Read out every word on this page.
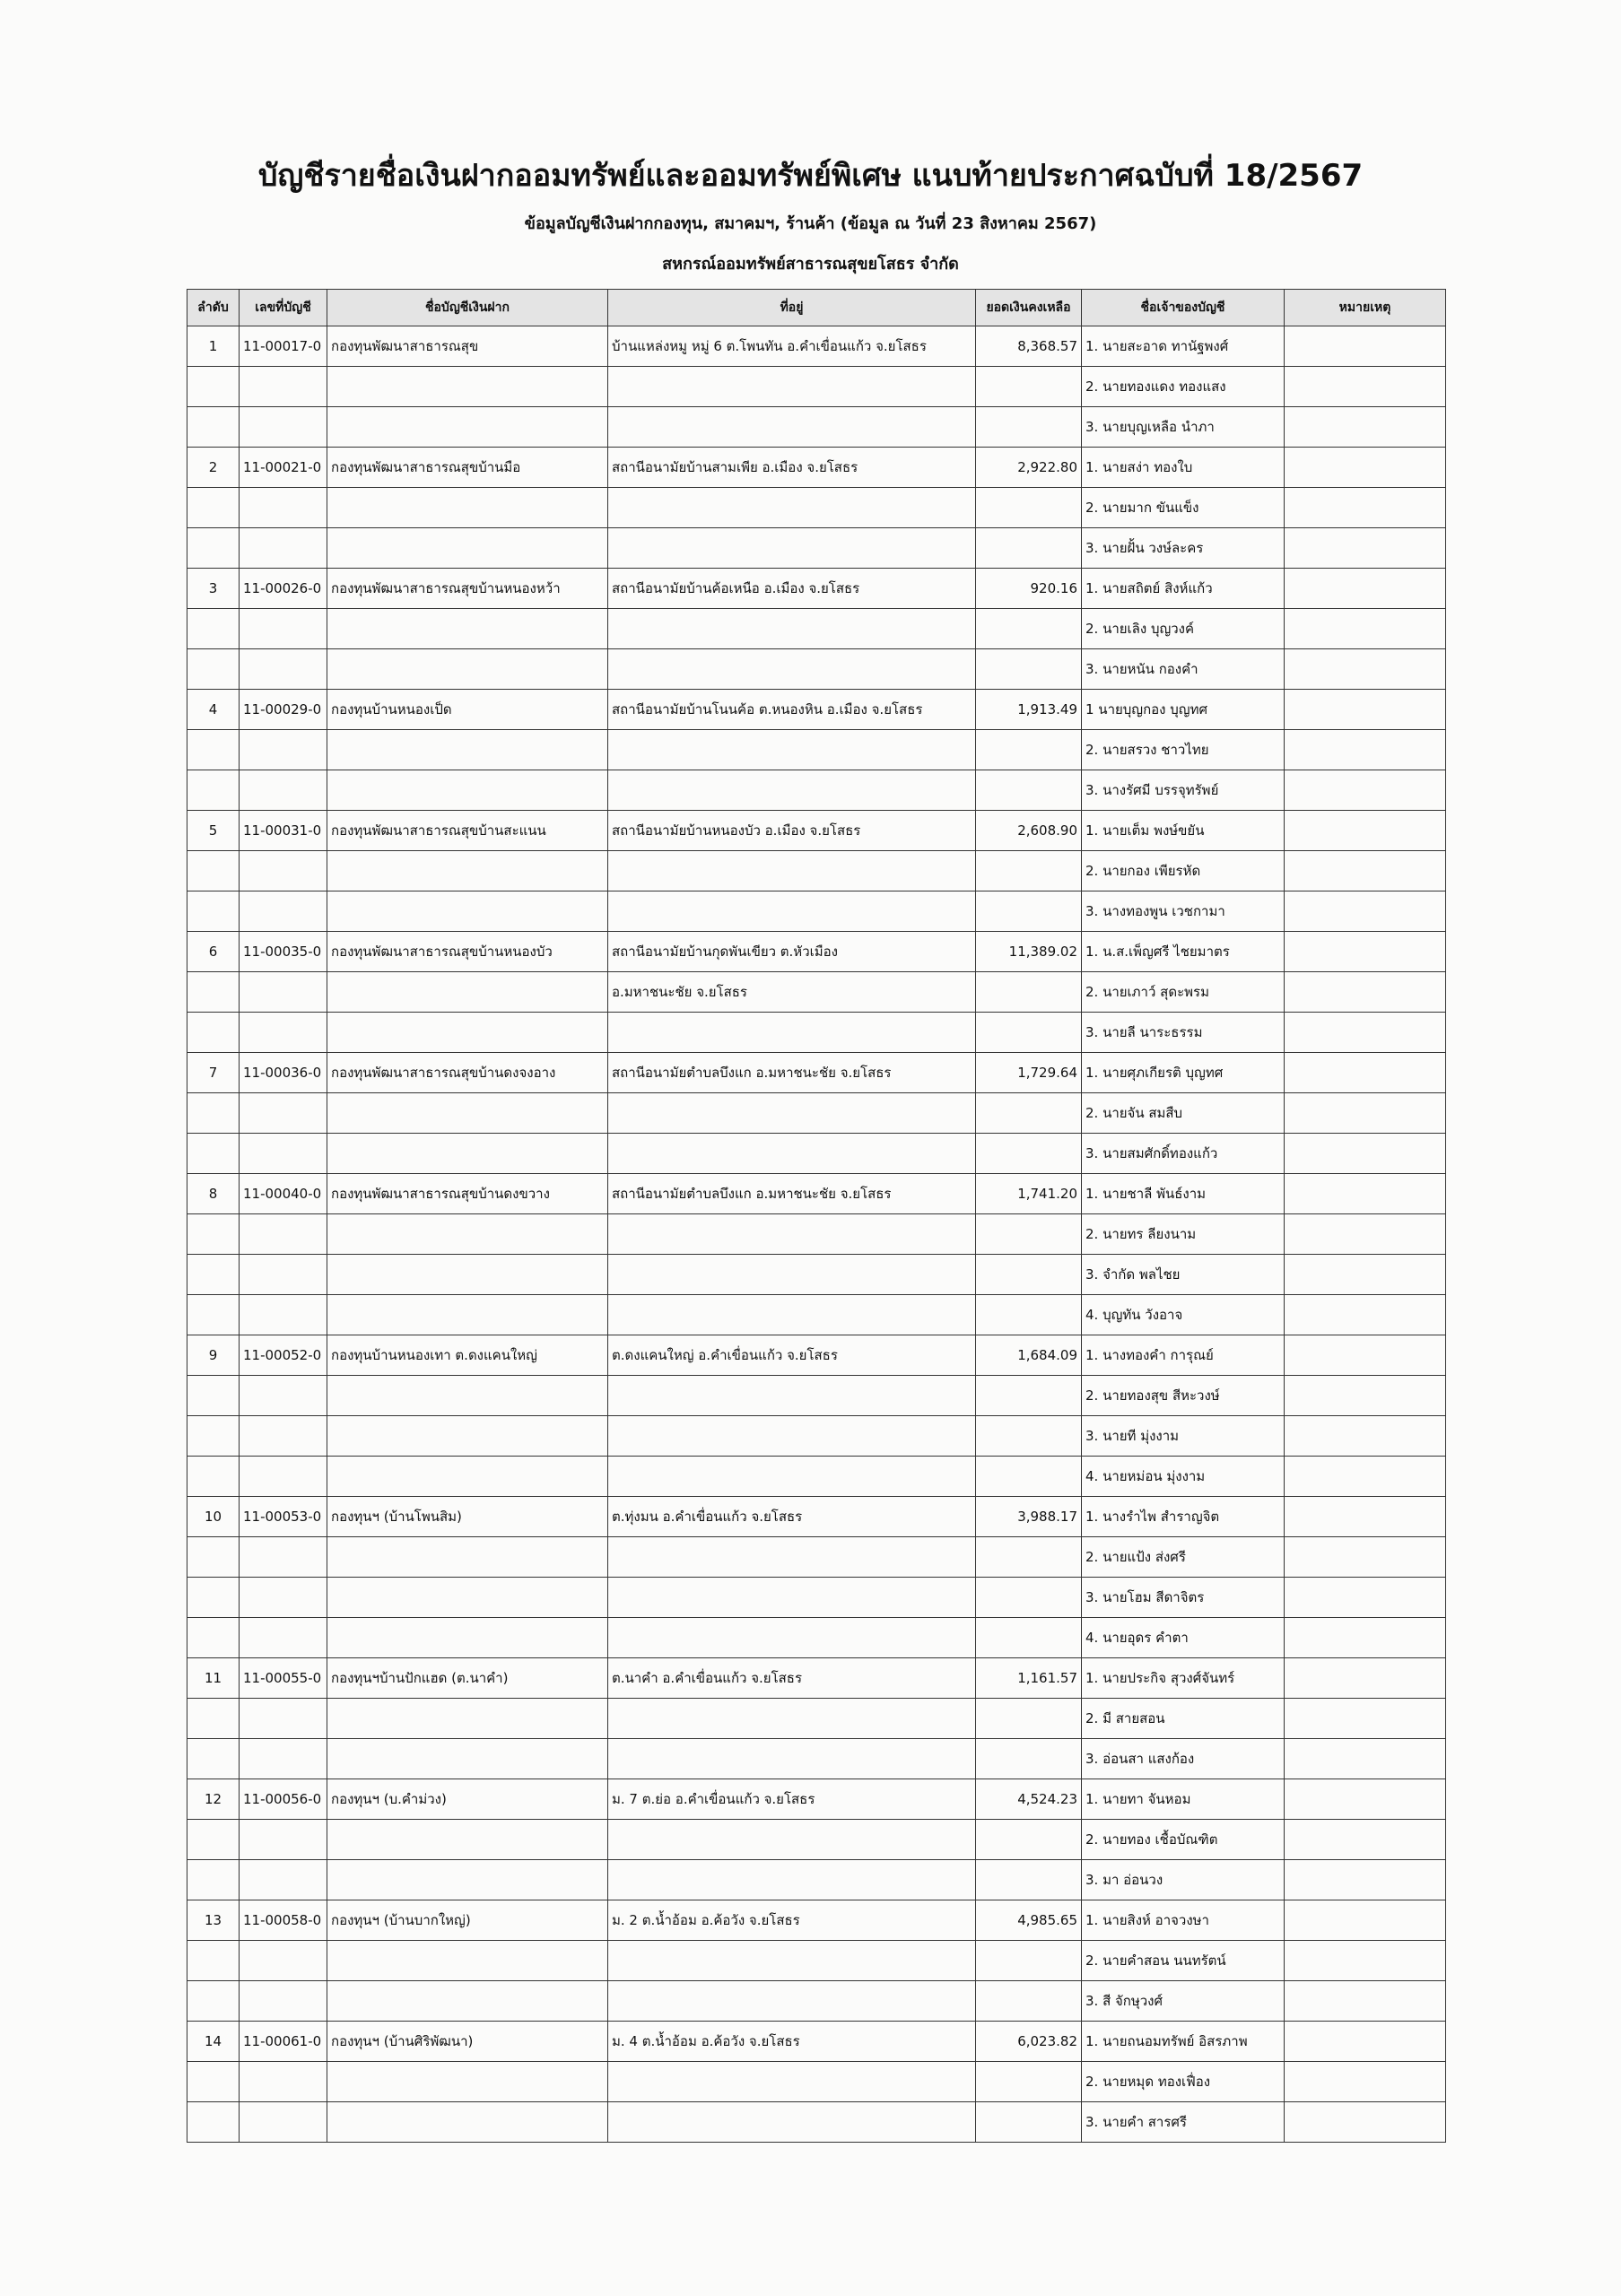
บัญชีรายชื่อเงินฝากออมทรัพย์และออมทรัพย์พิเศษ แนบท้ายประกาศฉบับที่ 18/2567
ข้อมูลบัญชีเงินฝากกองทุน, สมาคมฯ, ร้านค้า (ข้อมูล ณ วันที่ 23 สิงหาคม 2567)
สหกรณ์ออมทรัพย์สาธารณสุขยโสธร จำกัด
ลำดับ	เลขที่บัญชี	ชื่อบัญชีเงินฝาก	ที่อยู่	ยอดเงินคงเหลือ	ชื่อเจ้าของบัญชี	หมายเหตุ
1	11-00017-0	กองทุนพัฒนาสาธารณสุข	บ้านแหล่งหมู หมู่ 6 ต.โพนทัน อ.คำเขื่อนแก้ว จ.ยโสธร	8,368.57	1. นายสะอาด ทานัฐพงศ์	
					2. นายทองแดง ทองแสง	
					3. นายบุญเหลือ นำภา	
2	11-00021-0	กองทุนพัฒนาสาธารณสุขบ้านมือ	สถานีอนามัยบ้านสามเพีย อ.เมือง จ.ยโสธร	2,922.80	1. นายสง่า ทองใบ	
					2. นายมาก ขันแข็ง	
					3. นายฝั้น วงษ์ละคร	
3	11-00026-0	กองทุนพัฒนาสาธารณสุขบ้านหนองหว้า	สถานีอนามัยบ้านค้อเหนือ อ.เมือง จ.ยโสธร	920.16	1. นายสถิตย์ สิงห์แก้ว	
					2. นายเลิง บุญวงค์	
					3. นายหนัน กองคำ	
4	11-00029-0	กองทุนบ้านหนองเป็ด	สถานีอนามัยบ้านโนนค้อ ต.หนองหิน อ.เมือง จ.ยโสธร	1,913.49	1 นายบุญกอง บุญทศ	
					2. นายสรวง ชาวไทย	
					3. นางรัศมี บรรจุทรัพย์	
5	11-00031-0	กองทุนพัฒนาสาธารณสุขบ้านสะแนน	สถานีอนามัยบ้านหนองบัว อ.เมือง จ.ยโสธร	2,608.90	1. นายเต็ม พงษ์ขยัน	
					2. นายกอง เพียรหัด	
					3. นางทองพูน เวชกามา	
6	11-00035-0	กองทุนพัฒนาสาธารณสุขบ้านหนองบัว	สถานีอนามัยบ้านกุดพันเขียว ต.หัวเมือง	11,389.02	1. น.ส.เพ็ญศรี ไชยมาตร	
			อ.มหาชนะชัย จ.ยโสธร		2. นายเภาว์ สุดะพรม	
					3. นายลี นาระธรรม	
7	11-00036-0	กองทุนพัฒนาสาธารณสุขบ้านดงจงอาง	สถานีอนามัยตำบลบึงแก อ.มหาชนะชัย จ.ยโสธร	1,729.64	1. นายศุภเกียรติ บุญทศ	
					2. นายจัน สมสืบ	
					3. นายสมศักดิ์ทองแก้ว	
8	11-00040-0	กองทุนพัฒนาสาธารณสุขบ้านดงขวาง	สถานีอนามัยตำบลบึงแก อ.มหาชนะชัย จ.ยโสธร	1,741.20	1. นายชาลี พันธ์งาม	
					2. นายทร ลียงนาม	
					3. จำกัด พลไชย	
					4. บุญทัน วังอาจ	
9	11-00052-0	กองทุนบ้านหนองเทา ต.ดงแคนใหญ่	ต.ดงแคนใหญ่ อ.คำเขื่อนแก้ว จ.ยโสธร	1,684.09	1. นางทองคำ การุณย์	
					2. นายทองสุข สีหะวงษ์	
					3. นายที มุ่งงาม	
					4. นายหม่อน มุ่งงาม	
10	11-00053-0	กองทุนฯ (บ้านโพนสิม)	ต.ทุ่งมน อ.คำเขื่อนแก้ว จ.ยโสธร	3,988.17	1. นางรำไพ สำราญจิต	
					2. นายแป้ง ส่งศรี	
					3. นายโฮม สีดาจิตร	
					4. นายอุดร คำตา	
11	11-00055-0	กองทุนฯบ้านปักแฮด (ต.นาคำ)	ต.นาคำ อ.คำเขื่อนแก้ว จ.ยโสธร	1,161.57	1. นายประกิจ สุวงศ์จันทร์	
					2. มี สายสอน	
					3. อ่อนสา แสงก้อง	
12	11-00056-0	กองทุนฯ (บ.คำม่วง)	ม. 7 ต.ย่อ อ.คำเขื่อนแก้ว จ.ยโสธร	4,524.23	1. นายทา จันหอม	
					2. นายทอง เชื้อบัณฑิต	
					3. มา อ่อนวง	
13	11-00058-0	กองทุนฯ (บ้านบากใหญ่)	ม. 2 ต.น้ำอ้อม อ.ค้อวัง จ.ยโสธร	4,985.65	1. นายสิงห์ อาจวงษา	
					2. นายคำสอน นนทรัตน์	
					3. สี จักษุวงศ์	
14	11-00061-0	กองทุนฯ (บ้านศิริพัฒนา)	ม. 4 ต.น้ำอ้อม อ.ค้อวัง จ.ยโสธร	6,023.82	1. นายถนอมทรัพย์ อิสรภาพ	
					2. นายหมุด ทองเฟื่อง	
					3. นายคำ สารศรี	
